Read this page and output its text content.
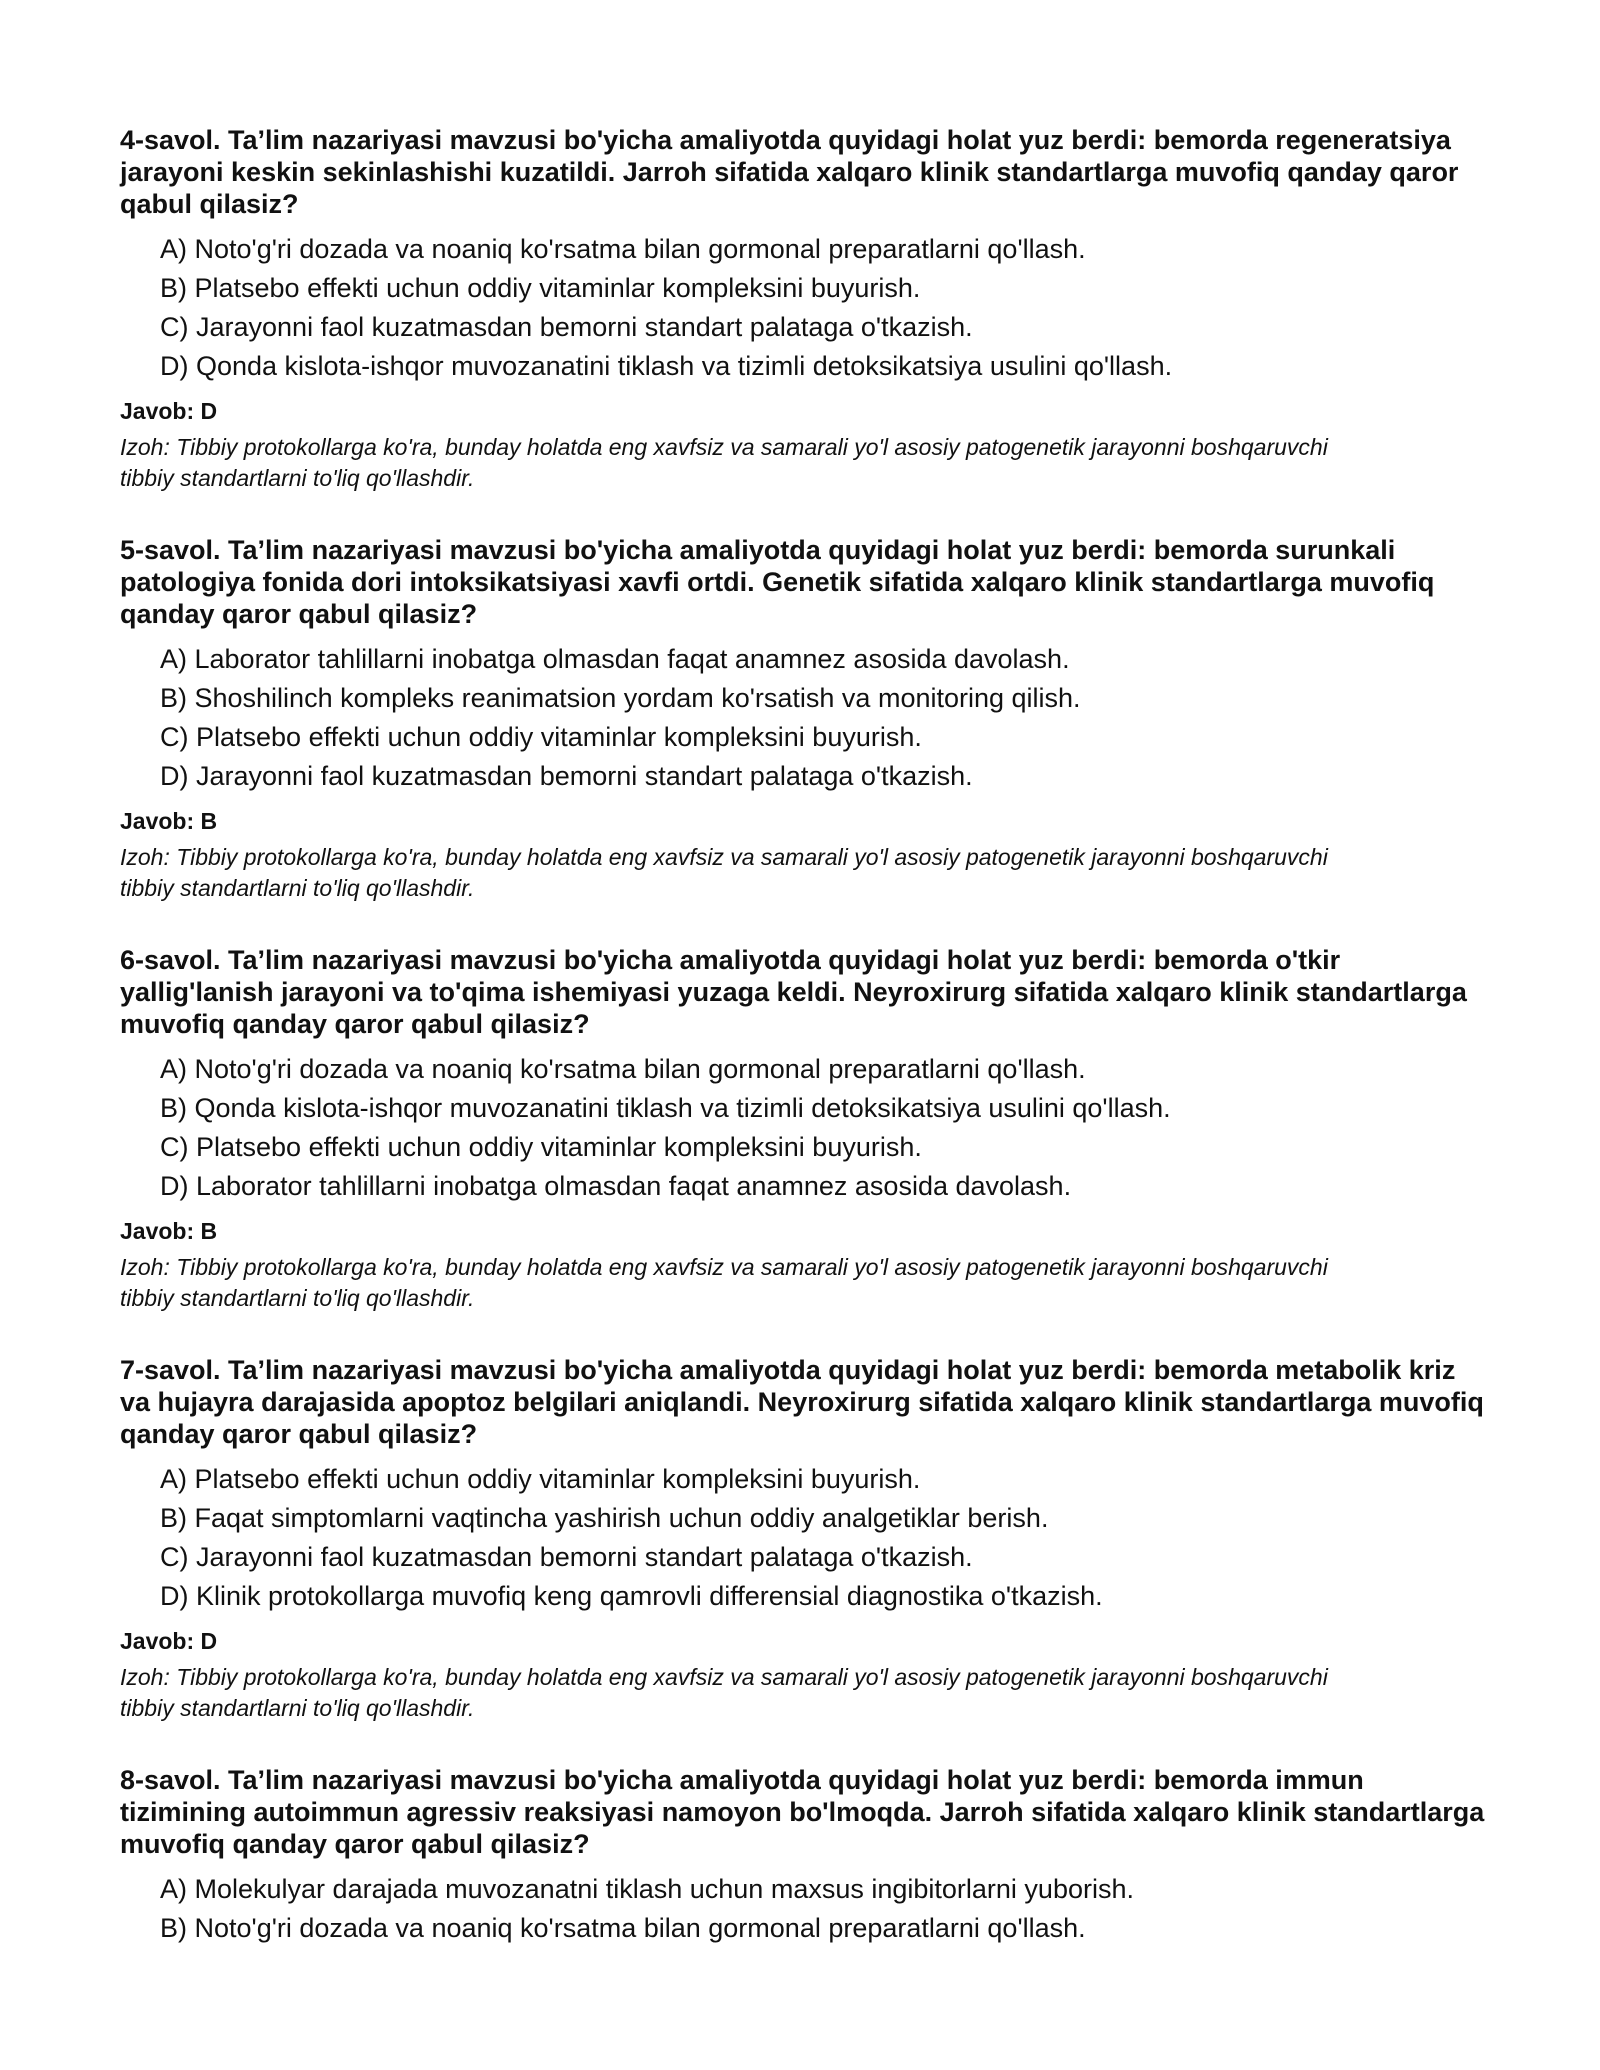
4-savol. Ta’lim nazariyasi mavzusi bo'yicha amaliyotda quyidagi holat yuz berdi: bemorda regeneratsiya jarayoni keskin sekinlashishi kuzatildi. Jarroh sifatida xalqaro klinik standartlarga muvofiq qanday qaror qabul qilasiz?
A) Noto'g'ri dozada va noaniq ko'rsatma bilan gormonal preparatlarni qo'llash.
B) Platsebo effekti uchun oddiy vitaminlar kompleksini buyurish.
C) Jarayonni faol kuzatmasdan bemorni standart palataga o'tkazish.
D) Qonda kislota-ishqor muvozanatini tiklash va tizimli detoksikatsiya usulini qo'llash.
Javob: D
Izoh: Tibbiy protokollarga ko'ra, bunday holatda eng xavfsiz va samarali yo'l asosiy patogenetik jarayonni boshqaruvchi tibbiy standartlarni to'liq qo'llashdir.
5-savol. Ta’lim nazariyasi mavzusi bo'yicha amaliyotda quyidagi holat yuz berdi: bemorda surunkali patologiya fonida dori intoksikatsiyasi xavfi ortdi. Genetik sifatida xalqaro klinik standartlarga muvofiq qanday qaror qabul qilasiz?
A) Laborator tahlillarni inobatga olmasdan faqat anamnez asosida davolash.
B) Shoshilinch kompleks reanimatsion yordam ko'rsatish va monitoring qilish.
C) Platsebo effekti uchun oddiy vitaminlar kompleksini buyurish.
D) Jarayonni faol kuzatmasdan bemorni standart palataga o'tkazish.
Javob: B
Izoh: Tibbiy protokollarga ko'ra, bunday holatda eng xavfsiz va samarali yo'l asosiy patogenetik jarayonni boshqaruvchi tibbiy standartlarni to'liq qo'llashdir.
6-savol. Ta’lim nazariyasi mavzusi bo'yicha amaliyotda quyidagi holat yuz berdi: bemorda o'tkir yallig'lanish jarayoni va to'qima ishemiyasi yuzaga keldi. Neyroxirurg sifatida xalqaro klinik standartlarga muvofiq qanday qaror qabul qilasiz?
A) Noto'g'ri dozada va noaniq ko'rsatma bilan gormonal preparatlarni qo'llash.
B) Qonda kislota-ishqor muvozanatini tiklash va tizimli detoksikatsiya usulini qo'llash.
C) Platsebo effekti uchun oddiy vitaminlar kompleksini buyurish.
D) Laborator tahlillarni inobatga olmasdan faqat anamnez asosida davolash.
Javob: B
Izoh: Tibbiy protokollarga ko'ra, bunday holatda eng xavfsiz va samarali yo'l asosiy patogenetik jarayonni boshqaruvchi tibbiy standartlarni to'liq qo'llashdir.
7-savol. Ta’lim nazariyasi mavzusi bo'yicha amaliyotda quyidagi holat yuz berdi: bemorda metabolik kriz va hujayra darajasida apoptoz belgilari aniqlandi. Neyroxirurg sifatida xalqaro klinik standartlarga muvofiq qanday qaror qabul qilasiz?
A) Platsebo effekti uchun oddiy vitaminlar kompleksini buyurish.
B) Faqat simptomlarni vaqtincha yashirish uchun oddiy analgetiklar berish.
C) Jarayonni faol kuzatmasdan bemorni standart palataga o'tkazish.
D) Klinik protokollarga muvofiq keng qamrovli differensial diagnostika o'tkazish.
Javob: D
Izoh: Tibbiy protokollarga ko'ra, bunday holatda eng xavfsiz va samarali yo'l asosiy patogenetik jarayonni boshqaruvchi tibbiy standartlarni to'liq qo'llashdir.
8-savol. Ta’lim nazariyasi mavzusi bo'yicha amaliyotda quyidagi holat yuz berdi: bemorda immun tizimining autoimmun agressiv reaksiyasi namoyon bo'lmoqda. Jarroh sifatida xalqaro klinik standartlarga muvofiq qanday qaror qabul qilasiz?
A) Molekulyar darajada muvozanatni tiklash uchun maxsus ingibitorlarni yuborish.
B) Noto'g'ri dozada va noaniq ko'rsatma bilan gormonal preparatlarni qo'llash.
